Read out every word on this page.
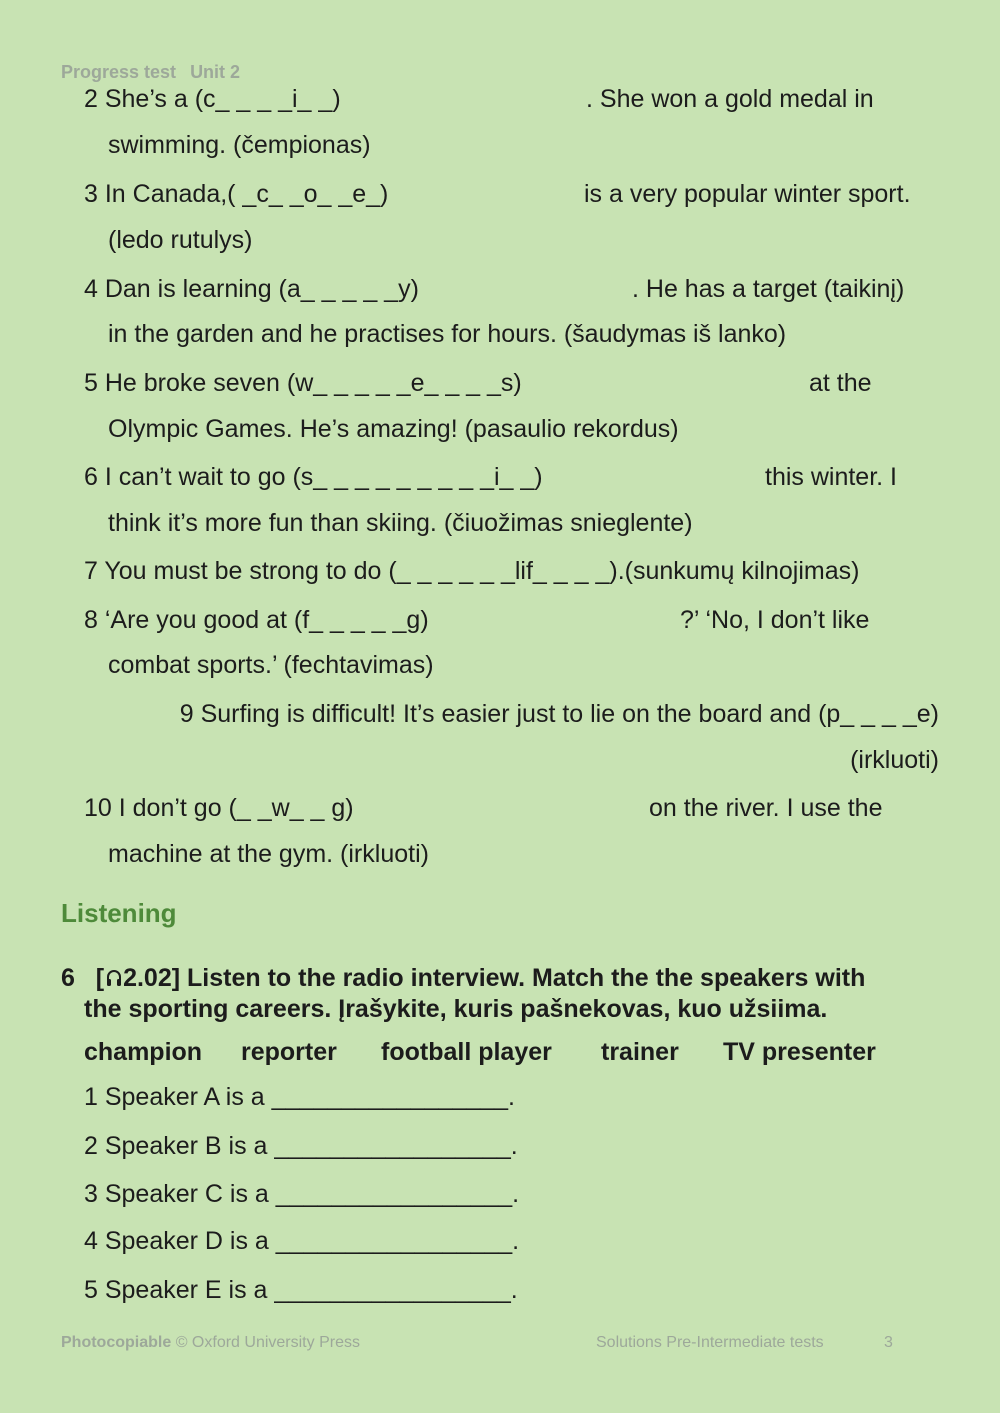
Progress test Unit 2
2 She’s a (c_ _ _ _i_ _)	. She won a gold medal in
swimming. (čempionas)
3 In Canada,( _c_ _o_ _e_)	is a very popular winter sport.
(ledo rutulys)
4 Dan is learning (a_ _ _ _ _y)	. He has a target (taikinį)
in the garden and he practises for hours. (šaudymas iš lanko)
5 He broke seven (w_ _ _ _ _e_ _ _ _s)	at the
Olympic Games. He’s amazing! (pasaulio rekordus)
6 I can’t wait to go (s_ _ _ _ _ _ _ _ _i_ _)	this winter. I
think it’s more fun than skiing. (čiuožimas snieglente)
7 You must be strong to do (_ _ _ _ _ _lif_ _ _ _).(sunkumų kilnojimas)
8 ‘Are you good at (f_ _ _ _ _g)	?’ ‘No, I don’t like
combat sports.’ (fechtavimas)
9 Surfing is difficult! It’s easier just to lie on the board and (p_ _ _ _e)
(irkluoti)
10 I don’t go (_ _w_ _ g)	on the river. I use the
machine at the gym. (irkluoti)
Listening
6 [ 2.02] Listen to the radio interview. Match the the speakers with
the sporting careers. Įrašykite, kuris pašnekovas, kuo užsiima.
champion reporter football player trainer TV presenter
1 Speaker A is a _________________.
2 Speaker B is a _________________.
3 Speaker C is a _________________.
4 Speaker D is a _________________.
5 Speaker E is a _________________.
Photocopiable © Oxford University Press	Solutions Pre-Intermediate tests	3
